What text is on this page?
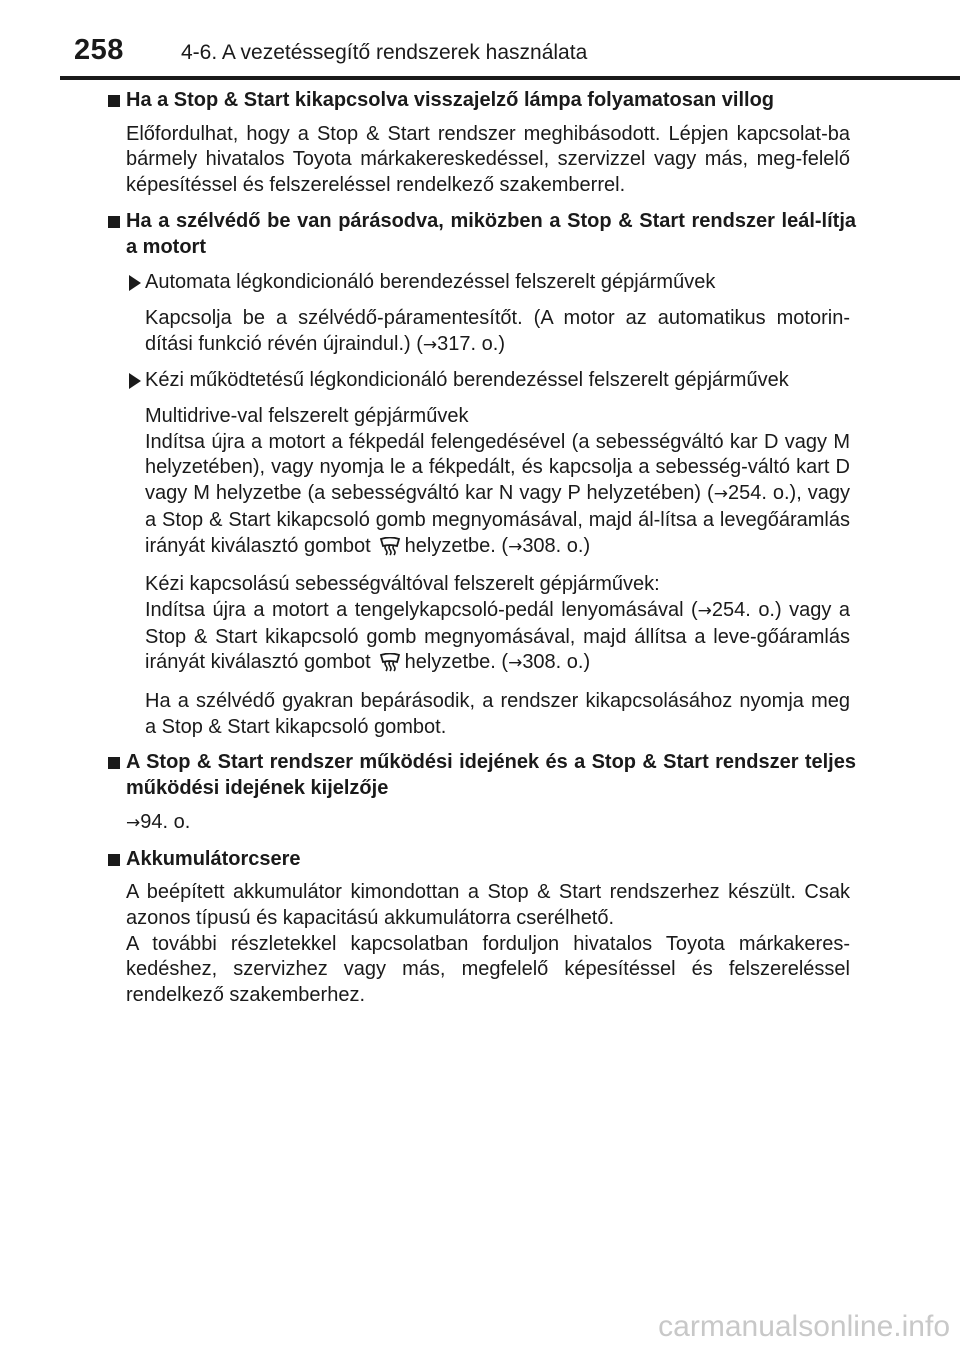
258	4-6. A vezetéssegítő rendszerek használata
Ha a Stop & Start kikapcsolva visszajelző lámpa folyamatosan villog
Előfordulhat, hogy a Stop & Start rendszer meghibásodott. Lépjen kapcsolat-ba bármely hivatalos Toyota márkakereskedéssel, szervizzel vagy más, meg-felelő képesítéssel és felszereléssel rendelkező szakemberrel.
Ha a szélvédő be van párásodva, miközben a Stop & Start rendszer leál-lítja a motort
Automata légkondicionáló berendezéssel felszerelt gépjárművek
Kapcsolja be a szélvédő-páramentesítőt. (A motor az automatikus motorin-dítási funkció révén újraindul.) (→317. o.)
Kézi működtetésű légkondicionáló berendezéssel felszerelt gépjárművek
Multidrive-val felszerelt gépjárművek
Indítsa újra a motort a fékpedál felengedésével (a sebességváltó kar D vagy M helyzetében), vagy nyomja le a fékpedált, és kapcsolja a sebesség-váltó kart D vagy M helyzetbe (a sebességváltó kar N vagy P helyzetében) (→254. o.), vagy a Stop & Start kikapcsoló gomb megnyomásával, majd ál-lítsa a levegőáramlás irányát kiválasztó gombot helyzetbe. (→308. o.)
Kézi kapcsolású sebességváltóval felszerelt gépjárművek:
Indítsa újra a motort a tengelykapcsoló-pedál lenyomásával (→254. o.) vagy a Stop & Start kikapcsoló gomb megnyomásával, majd állítsa a leve-gőáramlás irányát kiválasztó gombot helyzetbe. (→308. o.)
Ha a szélvédő gyakran bepárásodik, a rendszer kikapcsolásához nyomja meg a Stop & Start kikapcsoló gombot.
A Stop & Start rendszer működési idejének és a Stop & Start rendszer teljes működési idejének kijelzője
→94. o.
Akkumulátorcsere
A beépített akkumulátor kimondottan a Stop & Start rendszerhez készült. Csak azonos típusú és kapacitású akkumulátorra cserélhető.
A további részletekkel kapcsolatban forduljon hivatalos Toyota márkakeres-kedéshez, szervizhez vagy más, megfelelő képesítéssel és felszereléssel rendelkező szakemberhez.
carmanualsonline.info
